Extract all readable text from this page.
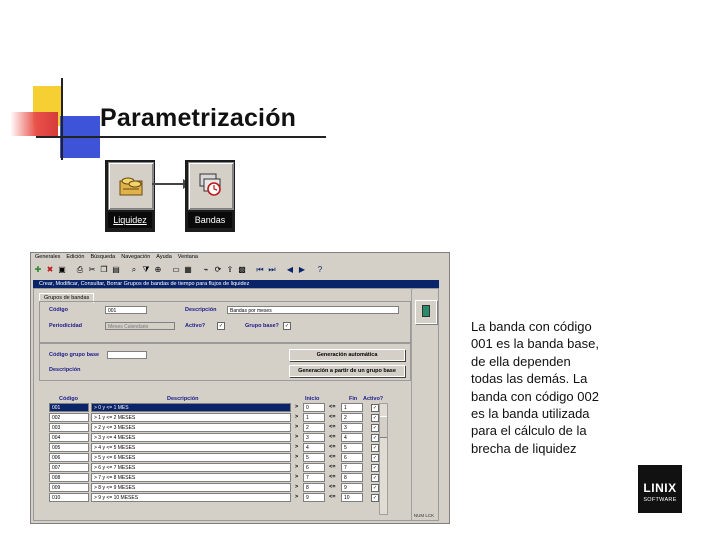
Parametrización
Liquidez	Bandas
Generales Edición Búsqueda Navegación Ayuda Ventana
✚ ✖ ▣ ⎙ ✂ ❐ ▤	⌕ ⧩ ⊕ ▭ ▦	⌁ ⟳ ⇪ ▩ ⏮ ⏭ ◀ ▶	?
Crear, Modificar, Consultar, Borrar Grupos de bandas de tiempo para flujos de liquidez
Grupos de bandas
Código	001	Descripción	Bandas por meses
Periodicidad	Meses Calendario	Activo?	✓	Grupo base?	✓
Código grupo base
Descripción
Generación automática
Generación a partir de un grupo base
Código	Descripción	Inicio	Fin Activo?
001	> 0 y <= 1 MES	>	0	<=	1	✓
002	> 1 y <= 2 MESES	>	1	<=	2	✓
003	> 2 y <= 3 MESES	>	2	<=	3	✓
004	> 3 y <= 4 MESES	>	3	<=	4	✓
005	> 4 y <= 5 MESES	>	4	<=	5	✓
006	> 5 y <= 6 MESES	>	5	<=	6	✓
007	> 6 y <= 7 MESES	>	6	<=	7	✓
008	> 7 y <= 8 MESES	>	7	<=	8	✓
009	> 8 y <= 9 MESES	>	8	<=	9	✓
010	> 9 y <= 10 MESES	>	9	<=	10	✓
NUM LCK
La banda con código 001 es la banda base, de ella dependen todas las demás. La banda con código 002 es la banda utilizada para el cálculo de la brecha de liquidez
LINIX
SOFTWARE
